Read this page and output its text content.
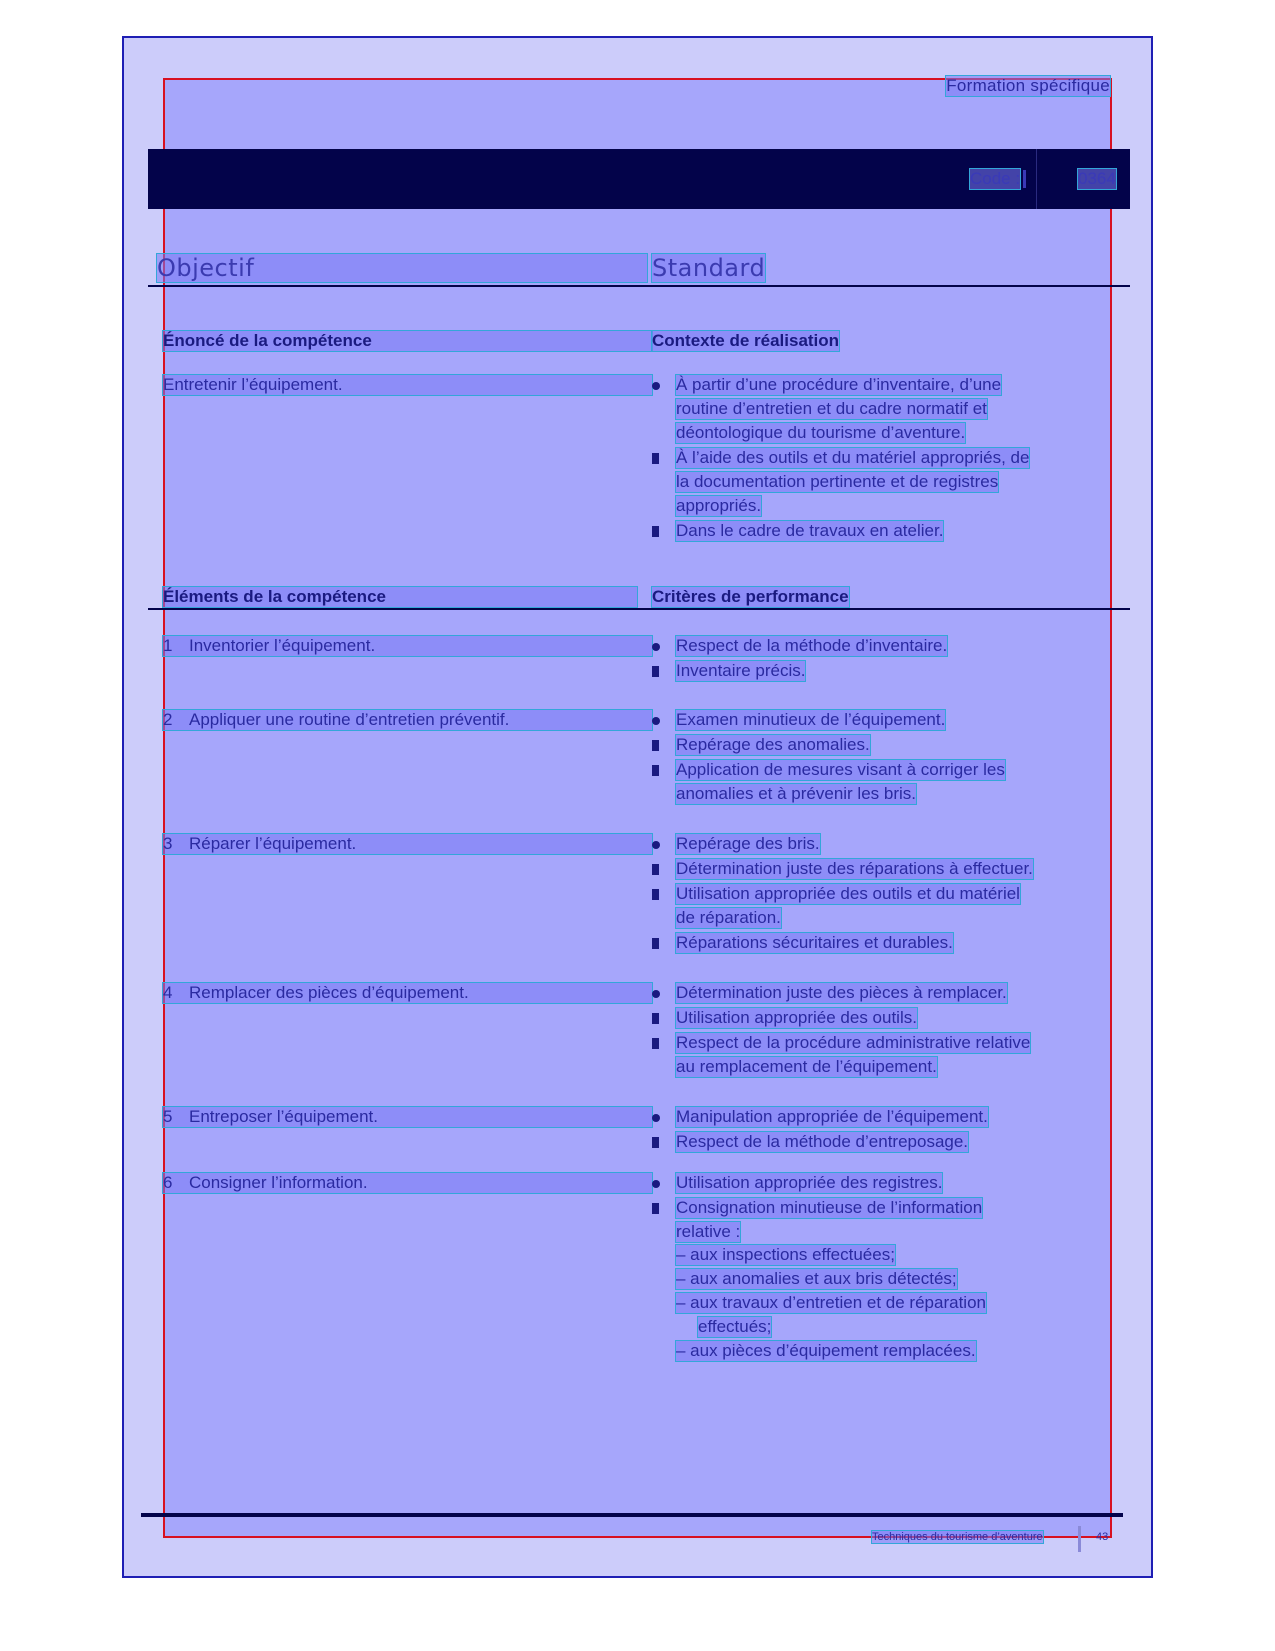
Formation spécifique
Code :	0364
Objectif	Standard
Énoncé de la compétence	Contexte de réalisation
Entretenir l’équipement.	À partir d’une procédure d’inventaire, d’une
routine d’entretien et du cadre normatif et
déontologique du tourisme d’aventure.
À l’aide des outils et du matériel appropriés, de
la documentation pertinente et de registres
appropriés.
Dans le cadre de travaux en atelier.
Éléments de la compétence	Critères de performance
1 Inventorier l’équipement.	Respect de la méthode d’inventaire.
Inventaire précis.
2 Appliquer une routine d’entretien préventif.	Examen minutieux de l’équipement.
Repérage des anomalies.
Application de mesures visant à corriger les
anomalies et à prévenir les bris.
3 Réparer l’équipement.	Repérage des bris.
Détermination juste des réparations à effectuer.
Utilisation appropriée des outils et du matériel
de réparation.
Réparations sécuritaires et durables.
4 Remplacer des pièces d’équipement.	Détermination juste des pièces à remplacer.
Utilisation appropriée des outils.
Respect de la procédure administrative relative
au remplacement de l’équipement.
5 Entreposer l’équipement.	Manipulation appropriée de l’équipement.
Respect de la méthode d’entreposage.
6 Consigner l’information.	Utilisation appropriée des registres.
Consignation minutieuse de l’information
relative :
– aux inspections effectuées;
– aux anomalies et aux bris détectés;
– aux travaux d’entretien et de réparation
effectués;
– aux pièces d’équipement remplacées.
Techniques du tourisme d’aventure	43
